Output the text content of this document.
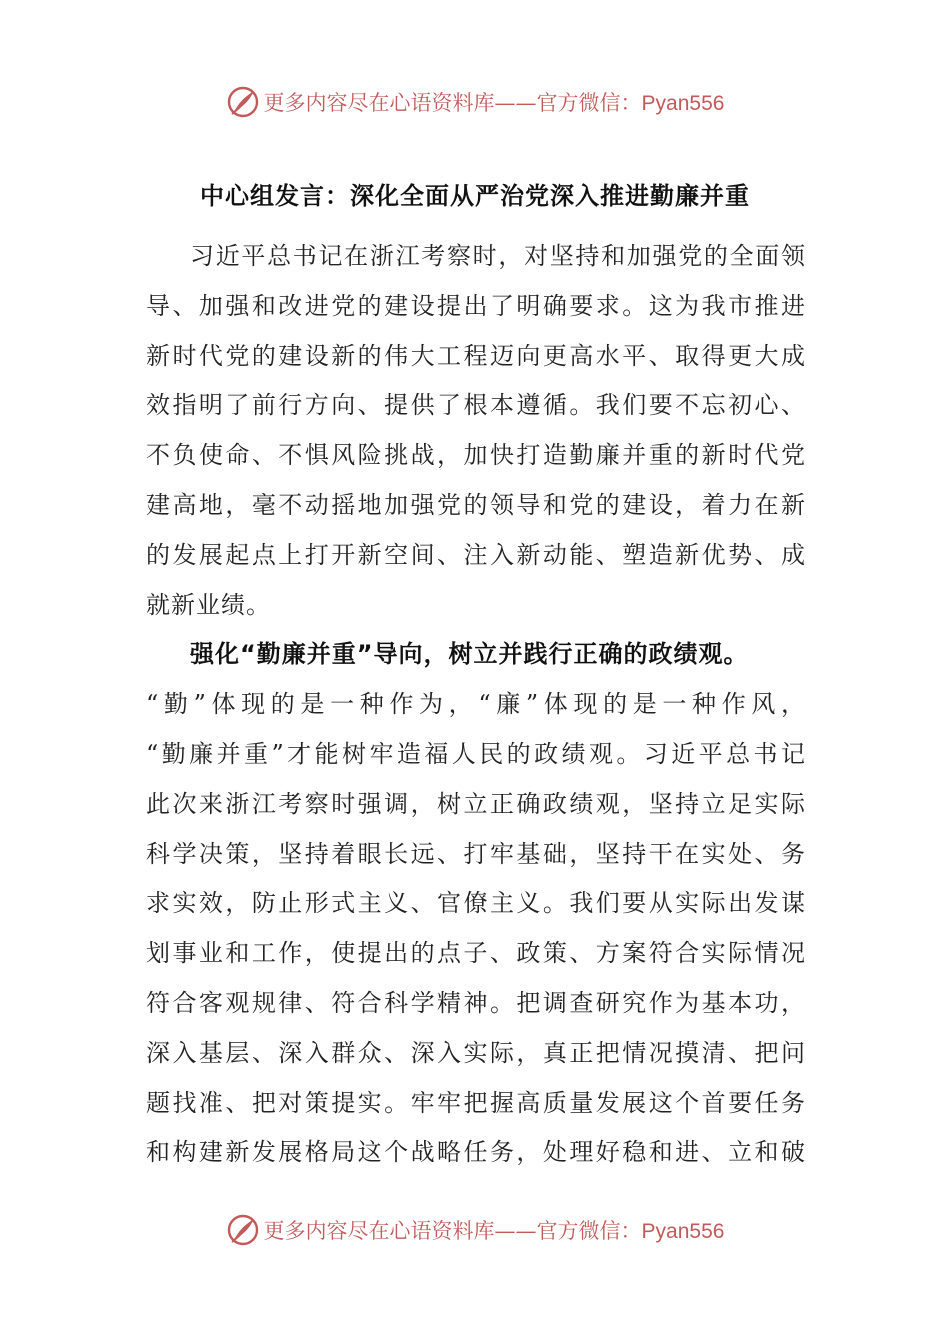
更多内容尽在心语资料库——官方微信：Pyan556
中心组发言：深化全面从严治党深入推进勤廉并重
习近平总书记在浙江考察时，对坚持和加强党的全面领
导、加强和改进党的建设提出了明确要求。这为我市推进
新时代党的建设新的伟大工程迈向更高水平、取得更大成
效指明了前行方向、提供了根本遵循。我们要不忘初心、
不负使命、不惧风险挑战，加快打造勤廉并重的新时代党
建高地，毫不动摇地加强党的领导和党的建设，着力在新
的发展起点上打开新空间、注入新动能、塑造新优势、成
就新业绩。
强化“勤廉并重”导向，树立并践行正确的政绩观。
“勤”体现的是一种作为，“廉”体现的是一种作风，
“勤廉并重”才能树牢造福人民的政绩观。习近平总书记
此次来浙江考察时强调，树立正确政绩观，坚持立足实际
科学决策，坚持着眼长远、打牢基础，坚持干在实处、务
求实效，防止形式主义、官僚主义。我们要从实际出发谋
划事业和工作，使提出的点子、政策、方案符合实际情况
符合客观规律、符合科学精神。把调查研究作为基本功，
深入基层、深入群众、深入实际，真正把情况摸清、把问
题找准、把对策提实。牢牢把握高质量发展这个首要任务
和构建新发展格局这个战略任务，处理好稳和进、立和破
更多内容尽在心语资料库——官方微信：Pyan556
